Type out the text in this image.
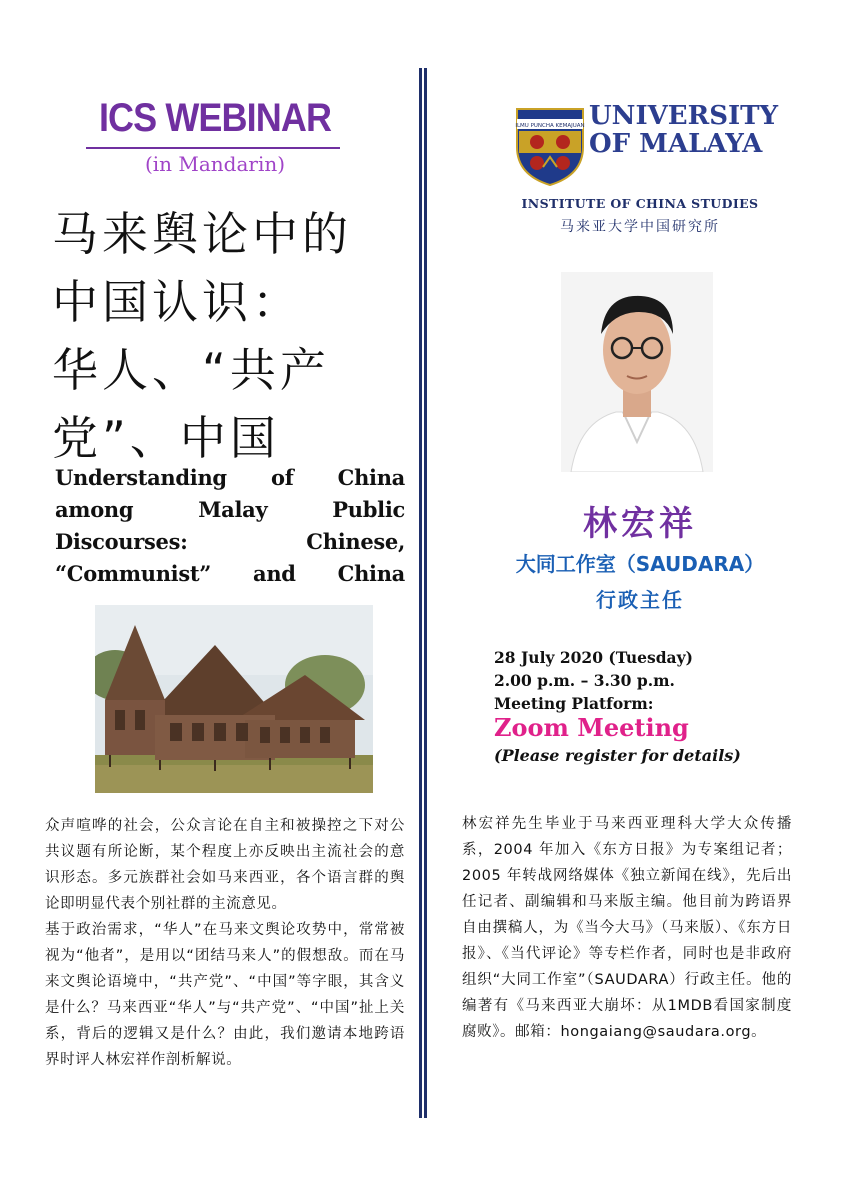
ICS WEBINAR
(in Mandarin)
马来舆论中的
中国认识：
华人、“共产
党”、中国
Understanding of China
among Malay Public
Discourses: Chinese,
“Communist” and China

众声喧哗的社会，公众言论在自主和被操控之下对公共议题有所论断，某个程度上亦反映出主流社会的意识形态。多元族群社会如马来西亚，各个语言群的舆论即明显代表个别社群的主流意见。

基于政治需求，“华人”在马来文舆论攻势中，常常被视为“他者”，是用以“团结马来人”的假想敌。而在马来文舆论语境中，“共产党”、“中国”等字眼，其含义是什么？马来西亚“华人”与“共产党”、“中国”扯上关系，背后的逻辑又是什么？由此，我们邀请本地跨语界时评人林宏祥作剖析解说。

ILMU PUNCHA KEMAJUAN UNIVERSITY
OF MALAYA
INSTITUTE OF CHINA STUDIES
马来亚大学中国研究所
林宏祥
大同工作室（SAUDARA）
行政主任
28 July 2020 (Tuesday)
2.00 p.m. – 3.30 p.m.
Meeting Platform:
Zoom Meeting
(Please register for details)
林宏祥先生毕业于马来西亚理科大学大众传播系，2004 年加入《东方日报》为专案组记者；2005 年转战网络媒体《独立新闻在线》，先后出任记者、副编辑和马来版主编。他目前为跨语界自由撰稿人，为《当今大马》（马来版）、《东方日报》、《当代评论》等专栏作者，同时也是非政府组织“大同工作室”（SAUDARA）行政主任。他的编著有《马来西亚大崩坏：从1MDB看国家制度腐败》。邮箱：hongaiang@saudara.org。
